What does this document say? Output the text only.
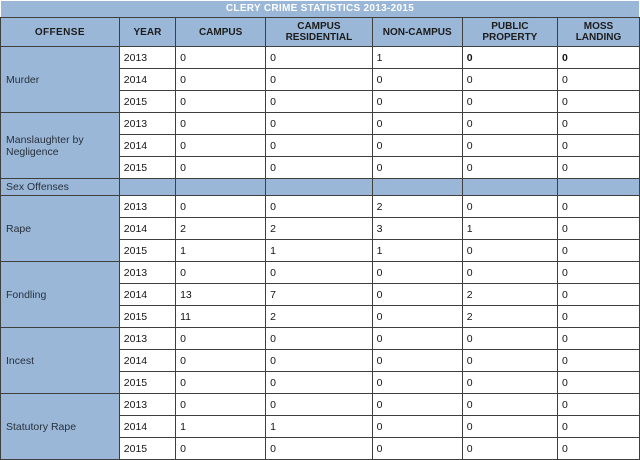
CLERY CRIME STATISTICS 2013-2015						
OFFENSE	YEAR	CAMPUS	CAMPUS RESIDENTIAL	NON-CAMPUS	PUBLIC PROPERTY	MOSS LANDING
Murder	2013	0	0	1	0	0
	2014	0	0	0	0	0
	2015	0	0	0	0	0
Manslaughter by Negligence	2013	0	0	0	0	0
	2014	0	0	0	0	0
	2015	0	0	0	0	0
Sex Offenses						
Rape	2013	0	0	2	0	0
	2014	2	2	3	1	0
	2015	1	1	1	0	0
Fondling	2013	0	0	0	0	0
	2014	13	7	0	2	0
	2015	11	2	0	2	0
Incest	2013	0	0	0	0	0
	2014	0	0	0	0	0
	2015	0	0	0	0	0
Statutory Rape	2013	0	0	0	0	0
	2014	1	1	0	0	0
	2015	0	0	0	0	0
